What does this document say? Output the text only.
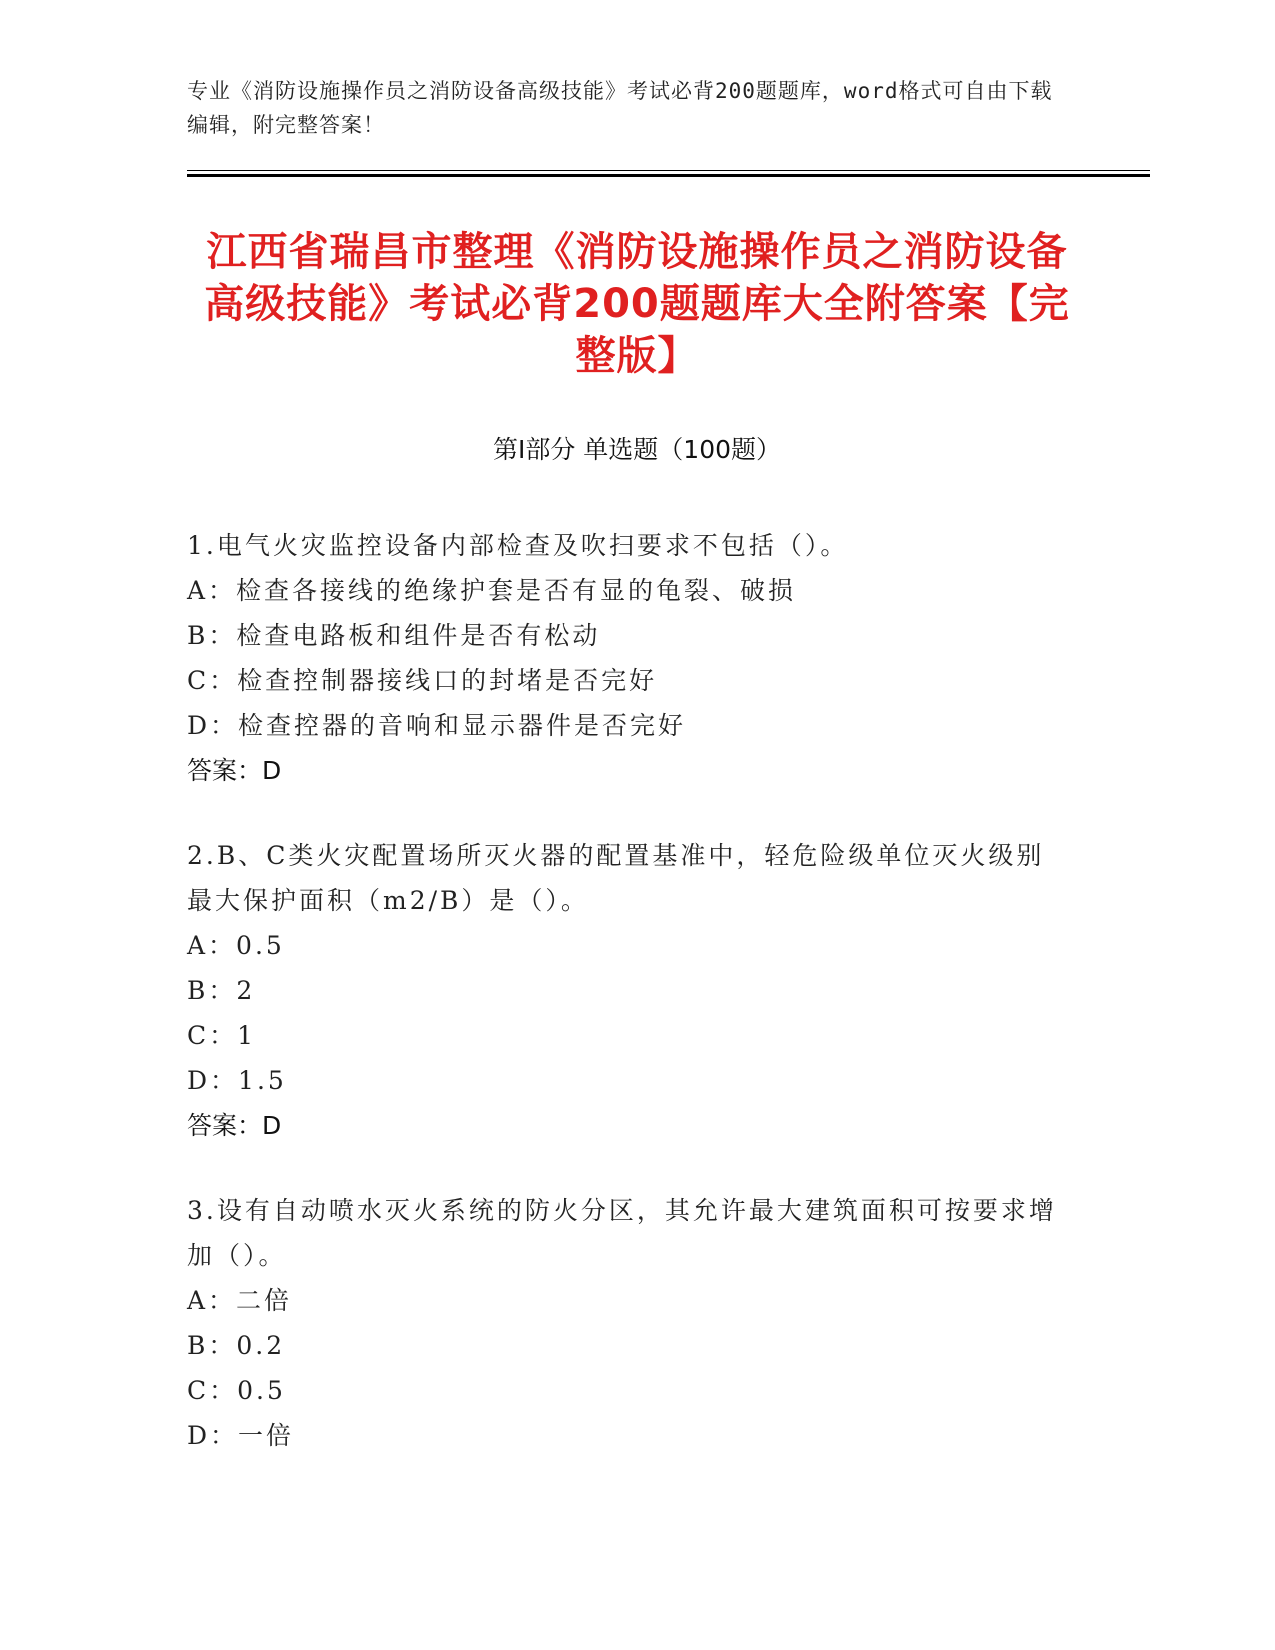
专业《消防设施操作员之消防设备高级技能》考试必背200题题库，word格式可自由下载编辑，附完整答案！
江西省瑞昌市整理《消防设施操作员之消防设备高级技能》考试必背200题题库大全附答案【完整版】
第I部分 单选题（100题）
1.电气火灾监控设备内部检查及吹扫要求不包括（）。
A：检查各接线的绝缘护套是否有显的龟裂、破损
B：检查电路板和组件是否有松动
C：检查控制器接线口的封堵是否完好
D：检查控器的音响和显示器件是否完好
答案：D
2.B、C类火灾配置场所灭火器的配置基准中，轻危险级单位灭火级别最大保护面积（m2/B）是（）。
A：0.5
B：2
C：1
D：1.5
答案：D
3.设有自动喷水灭火系统的防火分区，其允许最大建筑面积可按要求增加（）。
A：二倍
B：0.2
C：0.5
D：一倍
